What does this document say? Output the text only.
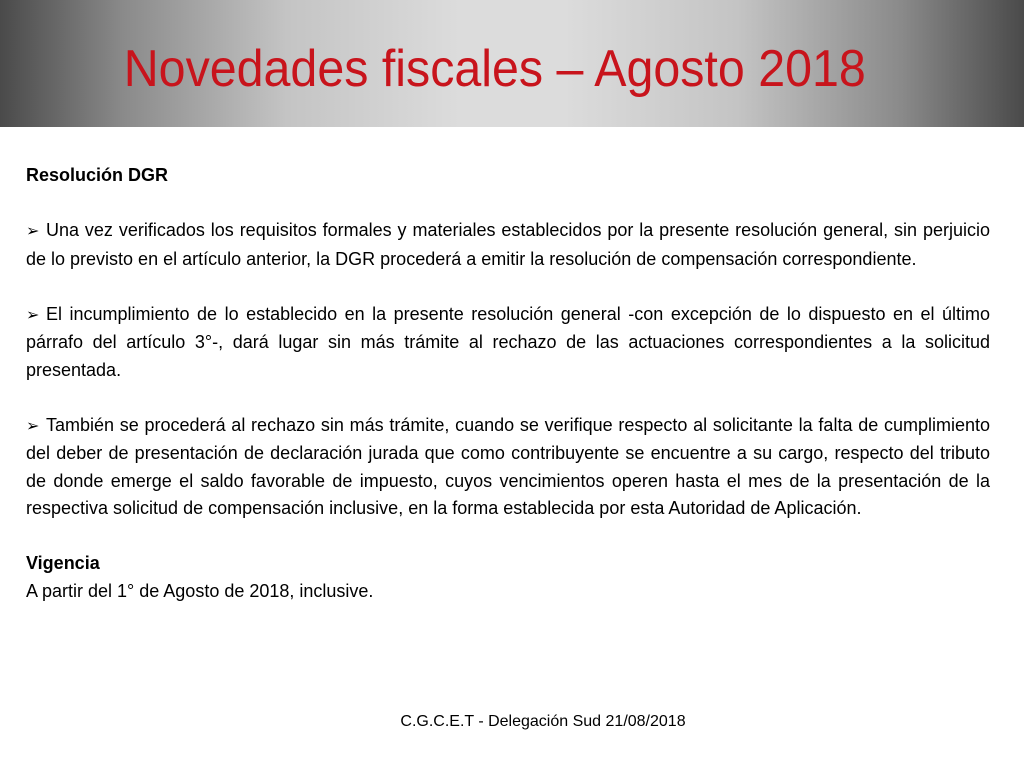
Novedades fiscales – Agosto 2018

Resolución DGR

➢ Una vez verificados los requisitos formales y materiales establecidos por la presente resolución general, sin perjuicio de lo previsto en el artículo anterior, la DGR procederá a emitir la resolución de compensación correspondiente.

➢ El incumplimiento de lo establecido en la presente resolución general -con excepción de lo dispuesto en el último párrafo del artículo 3°-, dará lugar sin más trámite al rechazo de las actuaciones correspondientes a la solicitud presentada.

➢ También se procederá al rechazo sin más trámite, cuando se verifique respecto al solicitante la falta de cumplimiento del deber de presentación de declaración jurada que como contribuyente se encuentre a su cargo, respecto del tributo de donde emerge el saldo favorable de impuesto, cuyos vencimientos operen hasta el mes de la presentación de la respectiva solicitud de compensación inclusive, en la forma establecida por esta Autoridad de Aplicación.

Vigencia

A partir del 1° de Agosto de 2018, inclusive.

C.G.C.E.T - Delegación Sud 21/08/2018
